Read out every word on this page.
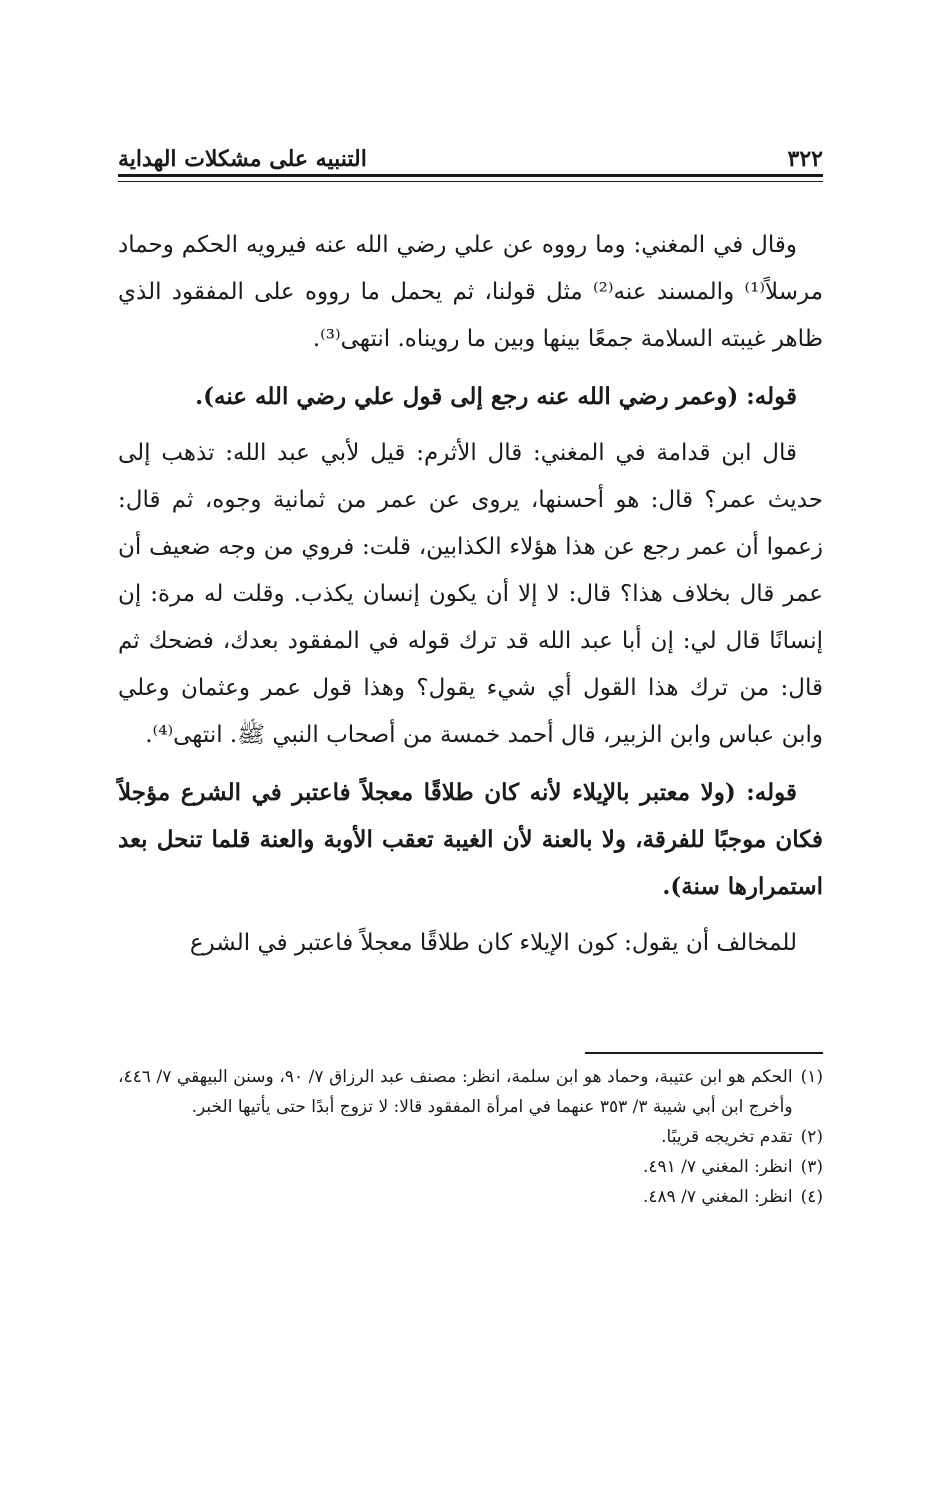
٣٢٢
التنبيه على مشكلات الهداية

وقال في المغني: وما رووه عن علي رضي الله عنه فيرويه الحكم وحماد مرسلاً⁽¹⁾ والمسند عنه⁽²⁾ مثل قولنا، ثم يحمل ما رووه على المفقود الذي ظاهر غيبته السلامة جمعًا بينها وبين ما رويناه. انتهى⁽³⁾.

قوله: (وعمر رضي الله عنه رجع إلى قول علي رضي الله عنه).

قال ابن قدامة في المغني: قال الأثرم: قيل لأبي عبد الله: تذهب إلى حديث عمر؟ قال: هو أحسنها، يروى عن عمر من ثمانية وجوه، ثم قال: زعموا أن عمر رجع عن هذا هؤلاء الكذابين، قلت: فروي من وجه ضعيف أن عمر قال بخلاف هذا؟ قال: لا إلا أن يكون إنسان يكذب. وقلت له مرة: إن إنسانًا قال لي: إن أبا عبد الله قد ترك قوله في المفقود بعدك، فضحك ثم قال: من ترك هذا القول أي شيء يقول؟ وهذا قول عمر وعثمان وعلي وابن عباس وابن الزبير، قال أحمد خمسة من أصحاب النبي ﷺ. انتهى⁽⁴⁾.

قوله: (ولا معتبر بالإيلاء لأنه كان طلاقًا معجلاً فاعتبر في الشرع مؤجلاً فكان موجبًا للفرقة، ولا بالعنة لأن الغيبة تعقب الأوبة والعنة قلما تنحل بعد استمرارها سنة).

للمخالف أن يقول: كون الإيلاء كان طلاقًا معجلاً فاعتبر في الشرع

(١)
الحكم هو ابن عتيبة، وحماد هو ابن سلمة، انظر: مصنف عبد الرزاق ٧/ ٩٠، وسنن البيهقي ٧/ ٤٤٦، وأخرج ابن أبي شيبة ٣/ ٣٥٣ عنهما في امرأة المفقود قالا: لا تزوج أبدًا حتى يأتيها الخبر.
(٢)
تقدم تخريجه قريبًا.
(٣)
انظر: المغني ٧/ ٤٩١.
(٤)
انظر: المغني ٧/ ٤٨٩.
